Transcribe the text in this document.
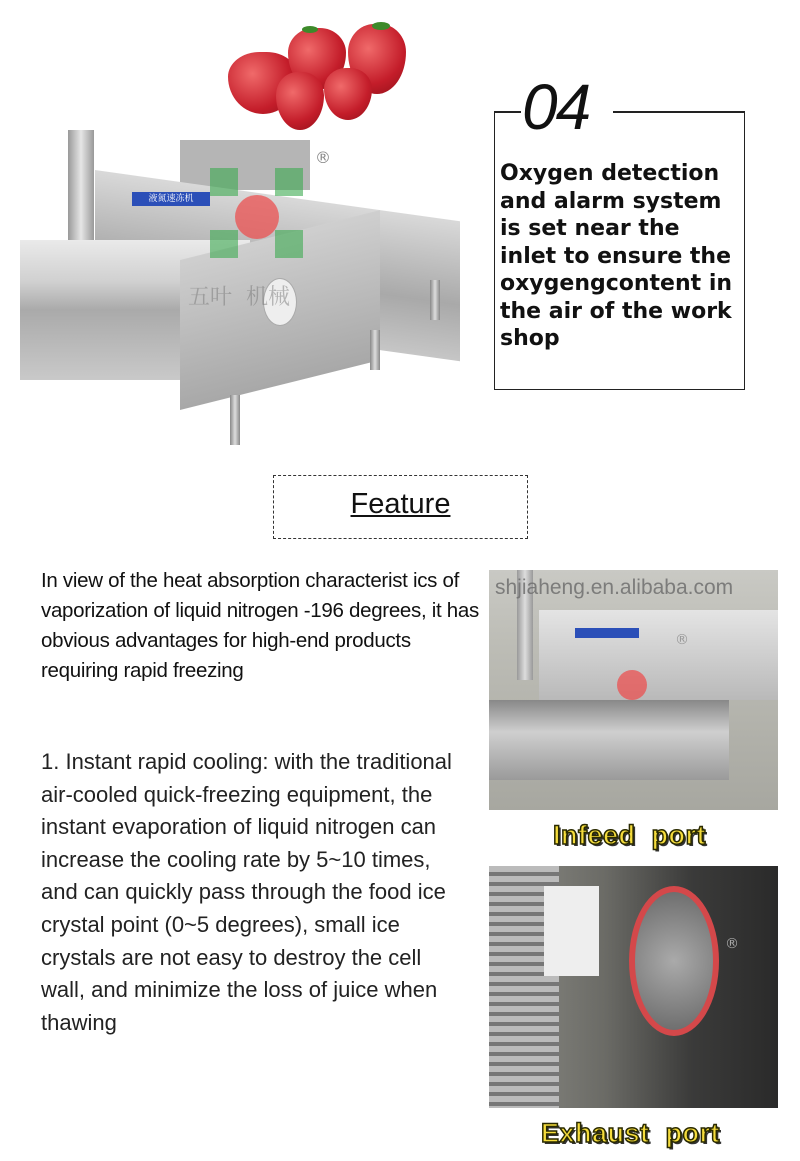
液氮速冻机
®
五叶  机械
04
Oxygen detection and alarm system is set near the inlet to ensure the oxygengcontent in the air of the work shop
Feature
In view of the heat absorption characterist ics of vaporization of liquid nitrogen -196 degrees, it has obvious advantages for high-end products requiring rapid freezing
1. Instant rapid cooling: with the traditional air-cooled quick-freezing equipment, the instant evaporation of liquid nitrogen can increase the cooling rate by 5~10 times, and can quickly pass through the food ice crystal point (0~5 degrees), small ice crystals are not easy to destroy the cell wall, and minimize the loss of juice when thawing
®
shjiaheng.en.alibaba.com
Infeed  port
®
Exhaust  port
